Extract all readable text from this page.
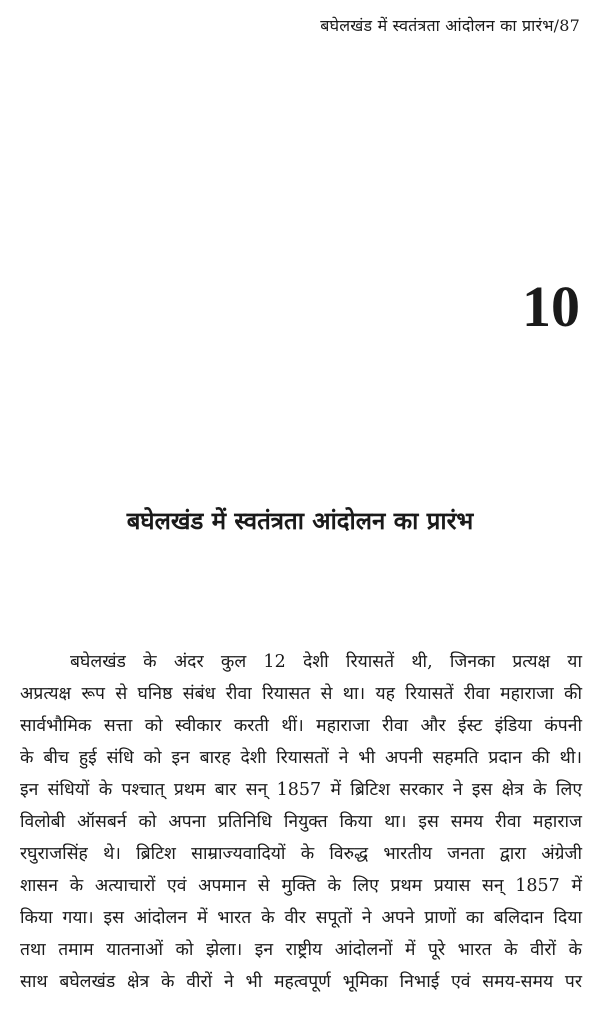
बघेलखंड में स्वतंत्रता आंदोलन का प्रारंभ/87
10
बघेलखंड में स्वतंत्रता आंदोलन का प्रारंभ
बघेलखंड के अंदर कुल 12 देशी रियासतें थी, जिनका प्रत्यक्ष या
अप्रत्यक्ष रूप से घनिष्ठ संबंध रीवा रियासत से था। यह रियासतें रीवा महाराजा की
सार्वभौमिक सत्ता को स्वीकार करती थीं। महाराजा रीवा और ईस्ट इंडिया कंपनी
के बीच हुई संधि को इन बारह देशी रियासतों ने भी अपनी सहमति प्रदान की थी।
इन संधियों के पश्चात् प्रथम बार सन् 1857 में ब्रिटिश सरकार ने इस क्षेत्र के लिए
विलोबी ऑसबर्न को अपना प्रतिनिधि नियुक्त किया था। इस समय रीवा महाराज
रघुराजसिंह थे। ब्रिटिश साम्राज्यवादियों के विरुद्ध भारतीय जनता द्वारा अंग्रेजी
शासन के अत्याचारों एवं अपमान से मुक्ति के लिए प्रथम प्रयास सन् 1857 में
किया गया। इस आंदोलन में भारत के वीर सपूतों ने अपने प्राणों का बलिदान दिया
तथा तमाम यातनाओं को झेला। इन राष्ट्रीय आंदोलनों में पूरे भारत के वीरों के
साथ बघेलखंड क्षेत्र के वीरों ने भी महत्वपूर्ण भूमिका निभाई एवं समय-समय पर
